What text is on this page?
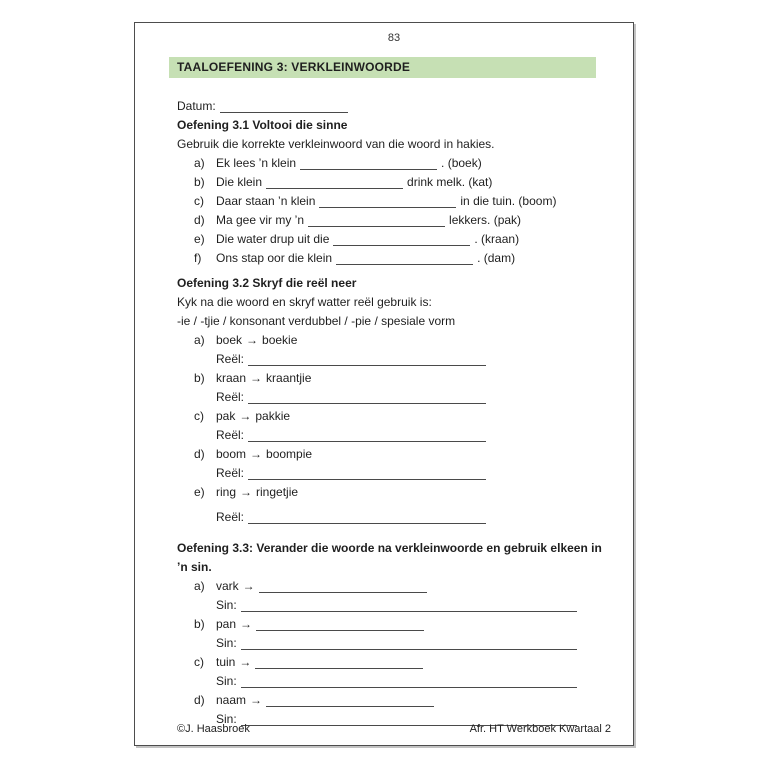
83
TAALOEFENING 3: VERKLEINWOORDE
Datum:
Oefening 3.1 Voltooi die sinne
Gebruik die korrekte verkleinwoord van die woord in hakies.
a) Ek lees ’n klein	. (boek)
b) Die klein	drink melk. (kat)
c)	Daar staan ’n klein	in die tuin. (boom)
d) Ma gee vir my ’n	lekkers. (pak)
e) Die water drup uit die	. (kraan)
f)	Ons stap oor die klein	. (dam)
Oefening 3.2 Skryf die reël neer
Kyk na die woord en skryf watter reël gebruik is:
-ie / -tjie / konsonant verdubbel / -pie / spesiale vorm
a) boek → boekie
Reël:
b) kraan → kraantjie
Reël:
c)	pak → pakkie
Reël:
d) boom → boompie
Reël:
e) ring → ringetjie
Reël:
Oefening 3.3: Verander die woorde na verkleinwoorde en gebruik elkeen in ’n sin.
a) vark →
Sin:
b) pan →
Sin:
c)	tuin →
Sin:
d) naam →
Sin:
©J. Haasbroek	Afr. HT Werkboek Kwartaal 2
